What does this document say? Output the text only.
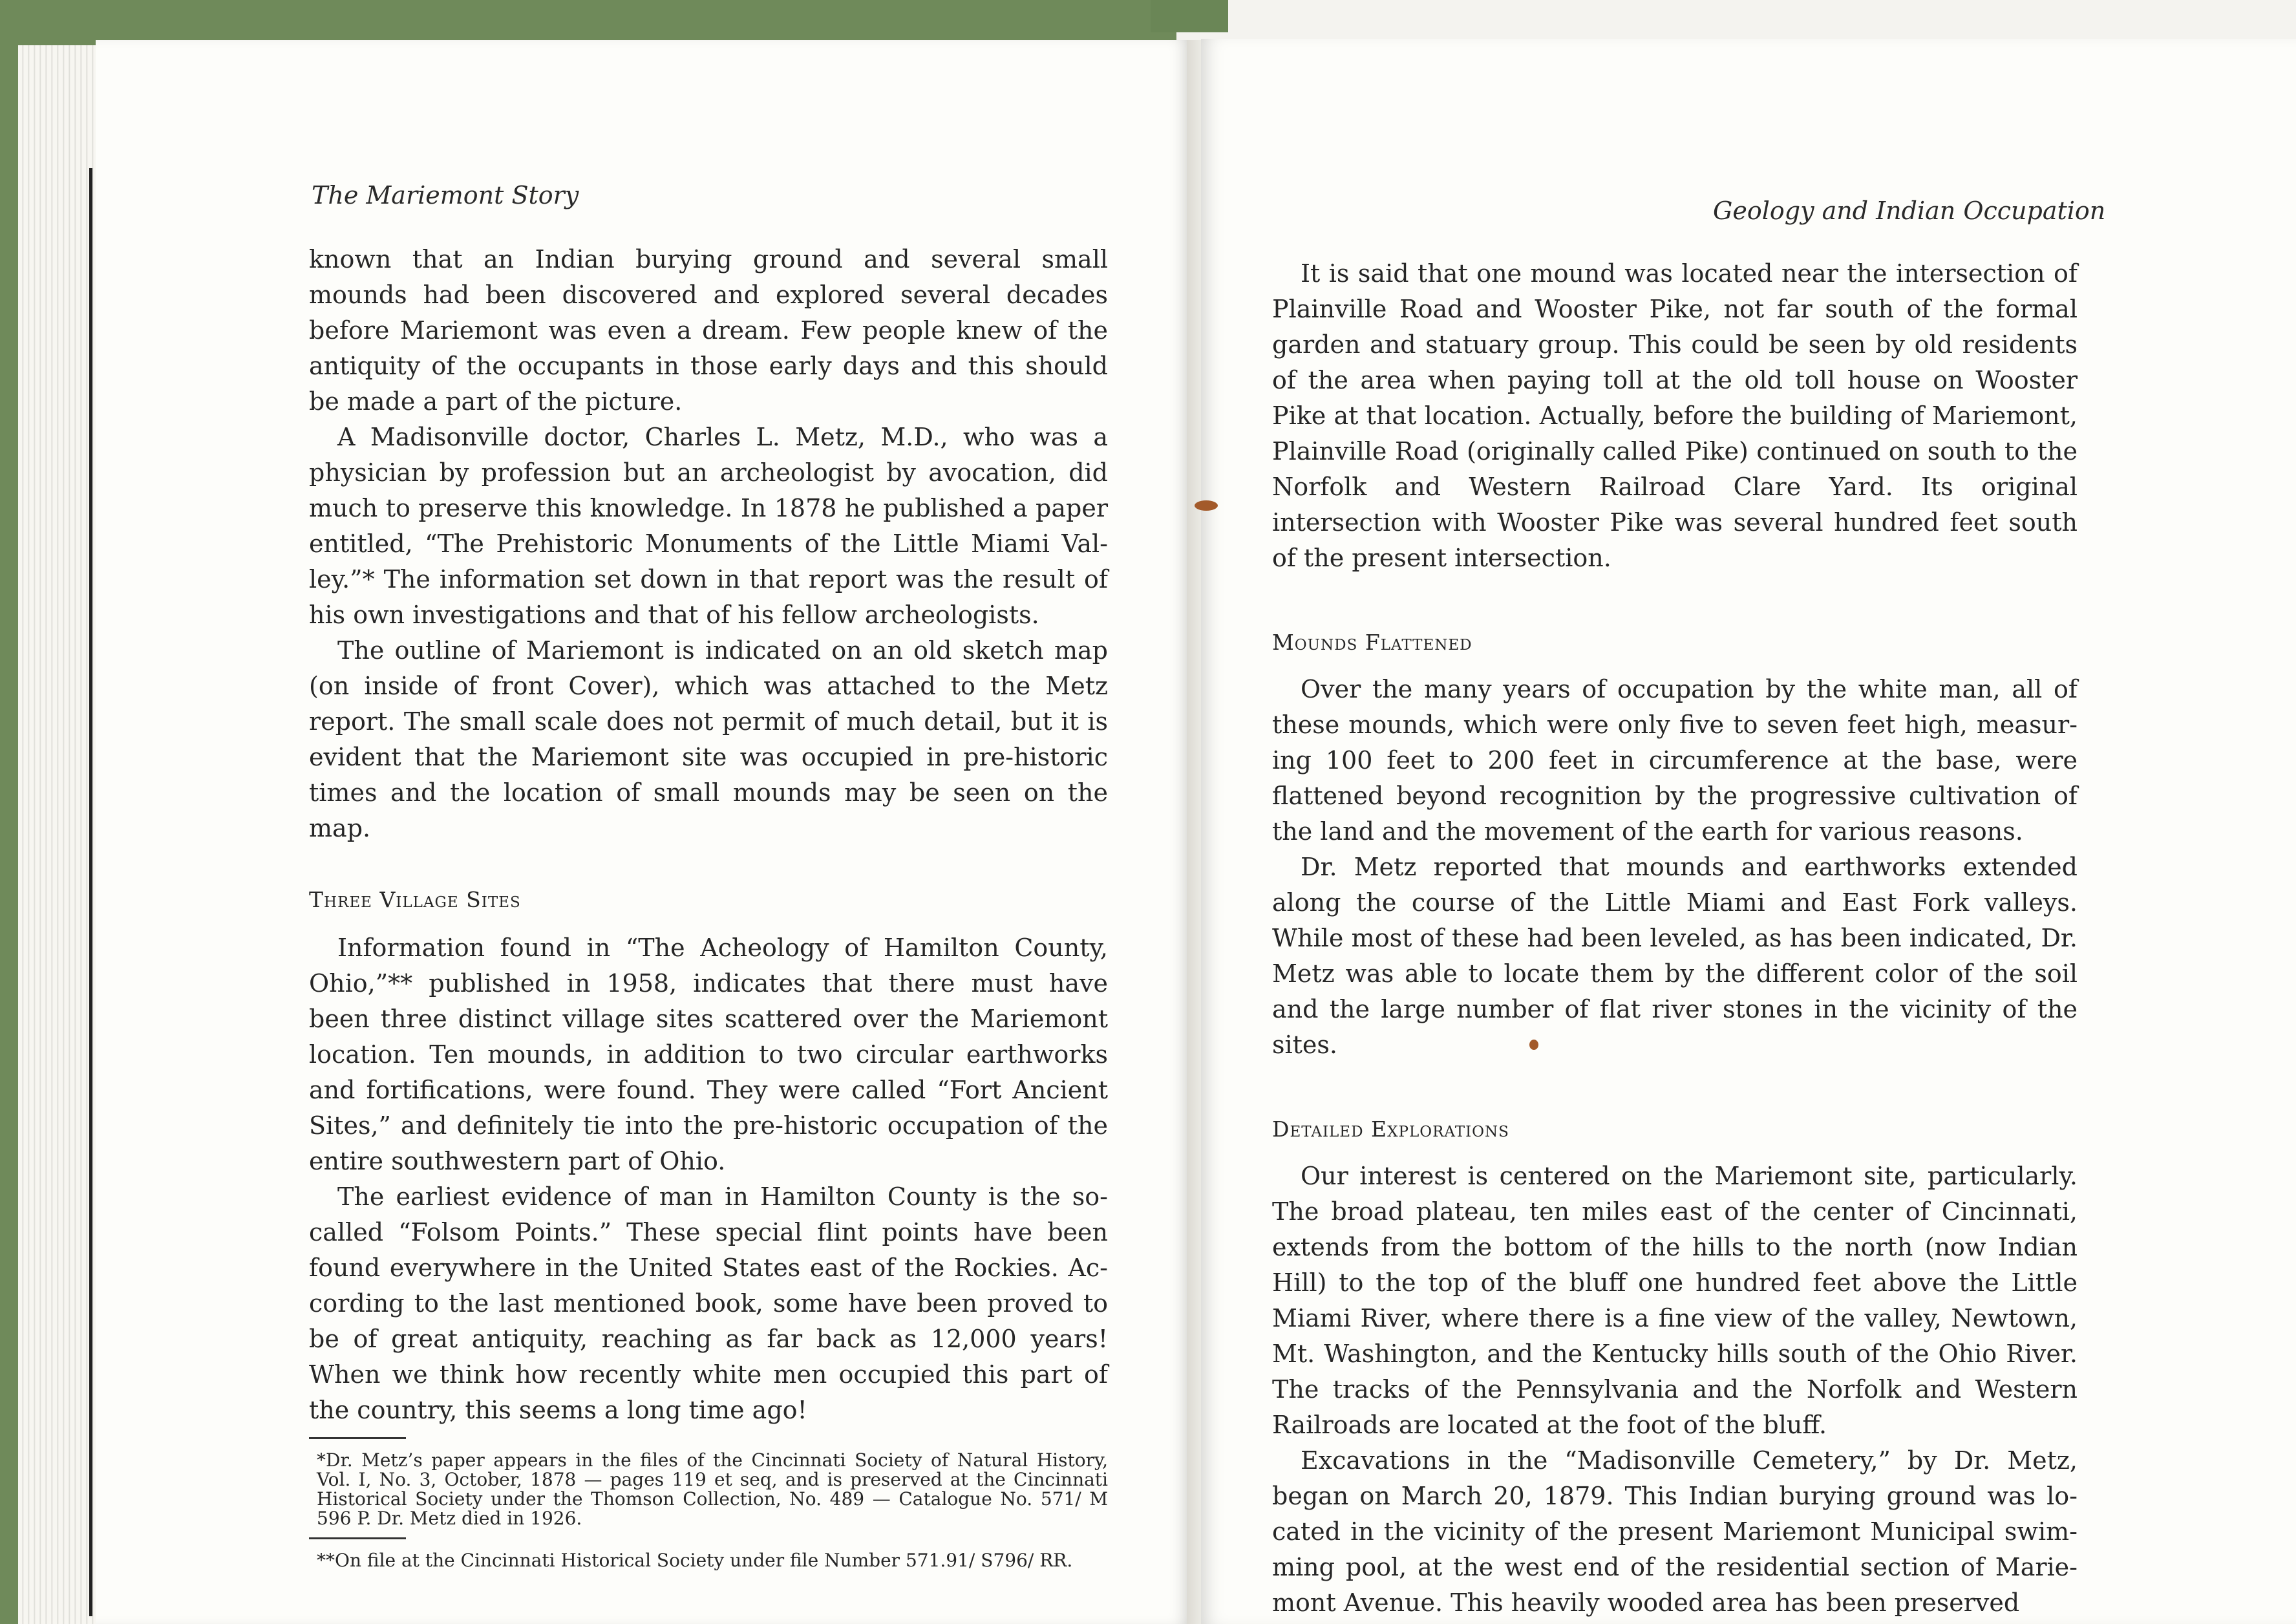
The Mariemont Story

known that an Indian burying ground and several small mounds had been discovered and explored several decades before Mariemont was even a dream. Few people knew of the antiquity of the occupants in those early days and this should be made a part of the picture.

A Madisonville doctor, Charles L. Metz, M.D., who was a physician by profession but an archeologist by avocation, did much to preserve this knowledge. In 1878 he published a paper entitled, “The Prehistoric Monuments of the Little Miami Valley.”* The information set down in that report was the result of his own investigations and that of his fellow archeologists.

The outline of Mariemont is indicated on an old sketch map (on inside of front Cover), which was attached to the Metz report. The small scale does not permit of much detail, but it is evident that the Mariemont site was occupied in pre-historic times and the location of small mounds may be seen on the map.

Three Village Sites

Information found in “The Acheology of Hamilton County, Ohio,”** published in 1958, indicates that there must have been three distinct village sites scattered over the Mariemont location. Ten mounds, in addition to two circular earthworks and fortifications, were found. They were called “Fort Ancient Sites,” and definitely tie into the pre-historic occupation of the entire southwestern part of Ohio.

The earliest evidence of man in Hamilton County is the so-called “Folsom Points.” These special flint points have been found everywhere in the United States east of the Rockies. According to the last mentioned book, some have been proved to be of great antiquity, reaching as far back as 12,000 years! When we think how recently white men occupied this part of the country, this seems a long time ago!

*Dr. Metz’s paper appears in the files of the Cincinnati Society of Natural History, Vol. I, No. 3, October, 1878 — pages 119 et seq, and is preserved at the Cincinnati Historical Society under the Thomson Collection, No. 489 — Catalogue No. 571/ M 596 P. Dr. Metz died in 1926.

**On file at the Cincinnati Historical Society under file Number 571.91/ S796/ RR.

Geology and Indian Occupation

It is said that one mound was located near the intersection of Plainville Road and Wooster Pike, not far south of the formal garden and statuary group. This could be seen by old residents of the area when paying toll at the old toll house on Wooster Pike at that location. Actually, before the building of Mariemont, Plainville Road (originally called Pike) continued on south to the Norfolk and Western Railroad Clare Yard. Its original intersection with Wooster Pike was several hundred feet south of the present intersection.

Mounds Flattened

Over the many years of occupation by the white man, all of these mounds, which were only five to seven feet high, measuring 100 feet to 200 feet in circumference at the base, were flattened beyond recognition by the progressive cultivation of the land and the movement of the earth for various reasons.

Dr. Metz reported that mounds and earthworks extended along the course of the Little Miami and East Fork valleys. While most of these had been leveled, as has been indicated, Dr. Metz was able to locate them by the different color of the soil and the large number of flat river stones in the vicinity of the sites.

Detailed Explorations

Our interest is centered on the Mariemont site, particularly. The broad plateau, ten miles east of the center of Cincinnati, extends from the bottom of the hills to the north (now Indian Hill) to the top of the bluff one hundred feet above the Little Miami River, where there is a fine view of the valley, Newtown, Mt. Washington, and the Kentucky hills south of the Ohio River. The tracks of the Pennsylvania and the Norfolk and Western Railroads are located at the foot of the bluff.

Excavations in the “Madisonville Cemetery,” by Dr. Metz, began on March 20, 1879. This Indian burying ground was located in the vicinity of the present Mariemont Municipal swimming pool, at the west end of the residential section of Mariemont Avenue. This heavily wooded area has been preserved
